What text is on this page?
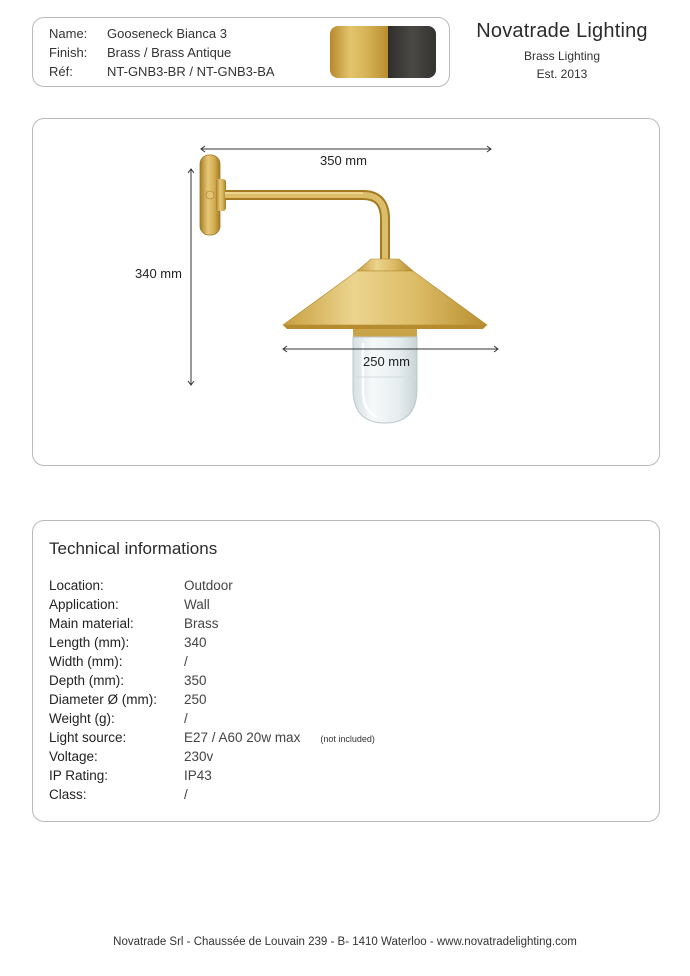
Name: Gooseneck Bianca 3
Finish: Brass / Brass Antique
Réf:	NT-GNB3-BR / NT-GNB3-BA
Novatrade Lighting
Brass Lighting
Est. 2013
350 mm
340 mm
250 mm
Technical informations
Location:	Outdoor
Application:	Wall
Main material:	Brass
Length (mm):	340
Width (mm):	/
Depth (mm):	350
Diameter Ø (mm): 250
Weight (g):	/
Light source:	E27 / A60 20w max (not included)
Voltage:	230v
IP Rating:	IP43
Class:	/
Novatrade Srl - Chaussée de Louvain 239 - B- 1410 Waterloo - www.novatradelighting.com
